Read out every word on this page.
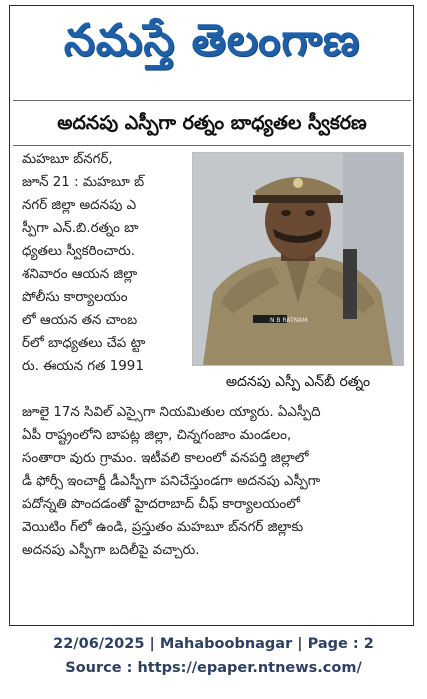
నమస్తే తెలంగాణ
అదనపు ఎస్పీగా రత్నం బాధ్యతల స్వీకరణ
మహబూ బ్‌నగర్,
జూన్ 21 : మహబూ బ్
నగర్ జిల్లా అదనపు ఎ
స్పీగా ఎన్.బి.రత్నం బా
ధ్యతలు స్వీకరించారు.
శనివారం ఆయన జిల్లా
పోలీసు కార్యాలయం
లో ఆయన తన చాంబ
ర్‌లో బాధ్యతలు చేప ట్టా
రు. ఈయన గత 1991
N B RATNAM
అదనపు ఎస్పీ ఎన్‌బీ రత్నం
జూలై 17న సివిల్ ఎస్సైగా నియమితుల య్యారు. ఏఎస్పీది
ఏపీ రాష్ట్రంలోని బాపట్ల జిల్లా, చిన్నగంజాం మండలం,
సంతారా వురు గ్రామం. ఇటీవలి కాలంలో వనపర్తి జిల్లాలో
డీ ఫోర్సీ ఇంచార్జీ డీఎస్పీగా పనిచేస్తుండగా అదనపు ఎస్పీగా
పదోన్నతి పొందడంతో హైదరాబాద్ చీఫ్ కార్యాలయంలో
వెయిటిం గ్‌లో ఉండి, ప్రస్తుతం మహబూ బ్‌నగర్ జిల్లాకు
అదనపు ఎస్పీగా బదిలీపై వచ్చారు.
22/06/2025 | Mahaboobnagar | Page : 2
Source : https://epaper.ntnews.com/
